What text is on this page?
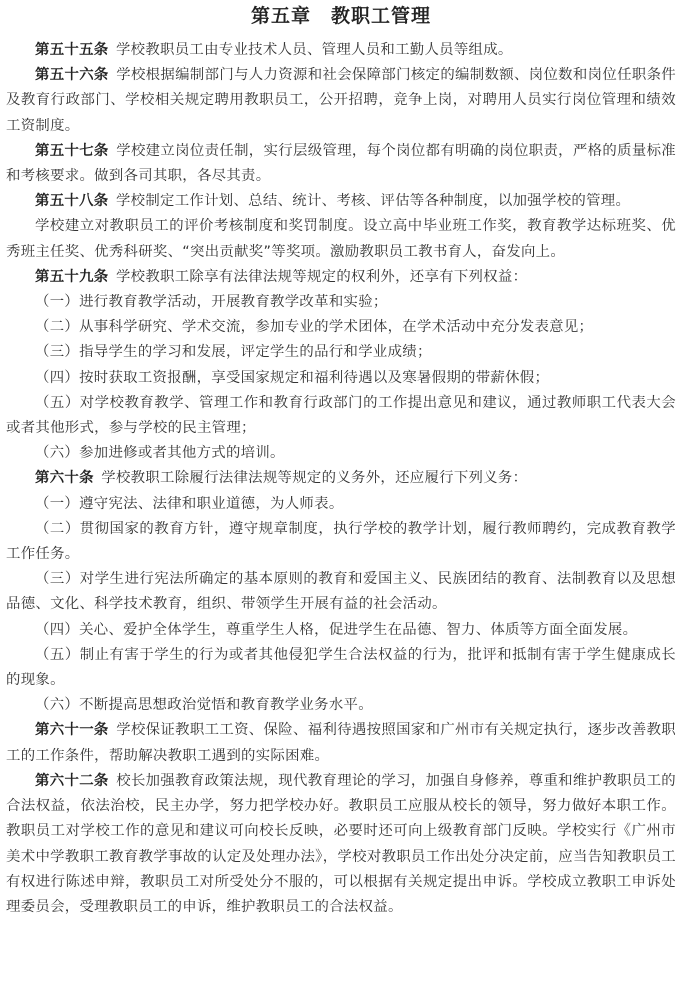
第五章　教职工管理

第五十五条  学校教职员工由专业技术人员、管理人员和工勤人员等组成。

第五十六条  学校根据编制部门与人力资源和社会保障部门核定的编制数额、岗位数和岗位任职条件及教育行政部门、学校相关规定聘用教职员工，公开招聘，竞争上岗，对聘用人员实行岗位管理和绩效工资制度。

第五十七条  学校建立岗位责任制，实行层级管理，每个岗位都有明确的岗位职责，严格的质量标准和考核要求。做到各司其职，各尽其责。

第五十八条  学校制定工作计划、总结、统计、考核、评估等各种制度，以加强学校的管理。

学校建立对教职员工的评价考核制度和奖罚制度。设立高中毕业班工作奖，教育教学达标班奖、优秀班主任奖、优秀科研奖、“突出贡献奖”等奖项。激励教职员工教书育人，奋发向上。

第五十九条  学校教职工除享有法律法规等规定的权利外，还享有下列权益：

（一）进行教育教学活动，开展教育教学改革和实验；

（二）从事科学研究、学术交流，参加专业的学术团体，在学术活动中充分发表意见；

（三）指导学生的学习和发展，评定学生的品行和学业成绩；

（四）按时获取工资报酬，享受国家规定和福利待遇以及寒暑假期的带薪休假；

（五）对学校教育教学、管理工作和教育行政部门的工作提出意见和建议，通过教师职工代表大会或者其他形式，参与学校的民主管理；

（六）参加进修或者其他方式的培训。

第六十条  学校教职工除履行法律法规等规定的义务外，还应履行下列义务：

（一）遵守宪法、法律和职业道德，为人师表。

（二）贯彻国家的教育方针，遵守规章制度，执行学校的教学计划，履行教师聘约，完成教育教学工作任务。

（三）对学生进行宪法所确定的基本原则的教育和爱国主义、民族团结的教育、法制教育以及思想品德、文化、科学技术教育，组织、带领学生开展有益的社会活动。

（四）关心、爱护全体学生，尊重学生人格，促进学生在品德、智力、体质等方面全面发展。

（五）制止有害于学生的行为或者其他侵犯学生合法权益的行为，批评和抵制有害于学生健康成长的现象。

（六）不断提高思想政治觉悟和教育教学业务水平。

第六十一条  学校保证教职工工资、保险、福利待遇按照国家和广州市有关规定执行，逐步改善教职工的工作条件，帮助解决教职工遇到的实际困难。

第六十二条  校长加强教育政策法规，现代教育理论的学习，加强自身修养，尊重和维护教职员工的合法权益，依法治校，民主办学，努力把学校办好。教职员工应服从校长的领导，努力做好本职工作。教职员工对学校工作的意见和建议可向校长反映，必要时还可向上级教育部门反映。学校实行《广州市美术中学教职工教育教学事故的认定及处理办法》，学校对教职员工作出处分决定前，应当告知教职员工有权进行陈述申辩，教职员工对所受处分不服的，可以根据有关规定提出申诉。学校成立教职工申诉处理委员会，受理教职员工的申诉，维护教职员工的合法权益。
